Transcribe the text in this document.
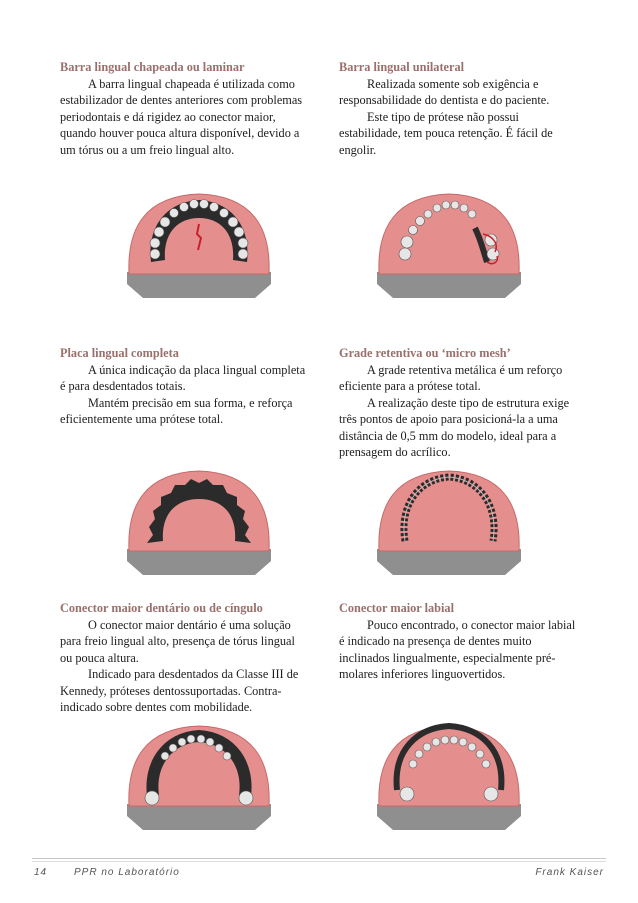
Barra lingual chapeada ou laminar

A barra lingual chapeada é utilizada como estabilizador de dentes anteriores com problemas periodontais e dá rigidez ao conector maior, quando houver pouca altura disponível, devido a um tórus ou a um freio lingual alto.

Barra lingual unilateral

Realizada somente sob exigência e responsabilidade do dentista e do paciente.

Este tipo de prótese não possui estabilidade, tem pouca retenção. É fácil de engolir.

Placa lingual completa

A única indicação da placa lingual completa é para desdentados totais.

Mantém precisão em sua forma, e reforça eficientemente uma prótese total.

Grade retentiva ou ‘micro mesh’

A grade retentiva metálica é um reforço eficiente para a prótese total.

A realização deste tipo de estrutura exige três pontos de apoio para posicioná-la a uma distância de 0,5 mm do modelo, ideal para a prensagem do acrílico.

Conector maior dentário ou de cíngulo

O conector maior dentário é uma solução para freio lingual alto, presença de tórus lingual ou pouca altura.

Indicado para desdentados da Classe III de Kennedy, próteses dentossuportadas. Contra-indicado sobre dentes com mobilidade.

Conector maior labial

Pouco encontrado, o conector maior labial é indicado na presença de dentes muito inclinados lingualmente, especialmente pré-molares inferiores linguovertidos.

14	PPR no Laboratório	Frank Kaiser
